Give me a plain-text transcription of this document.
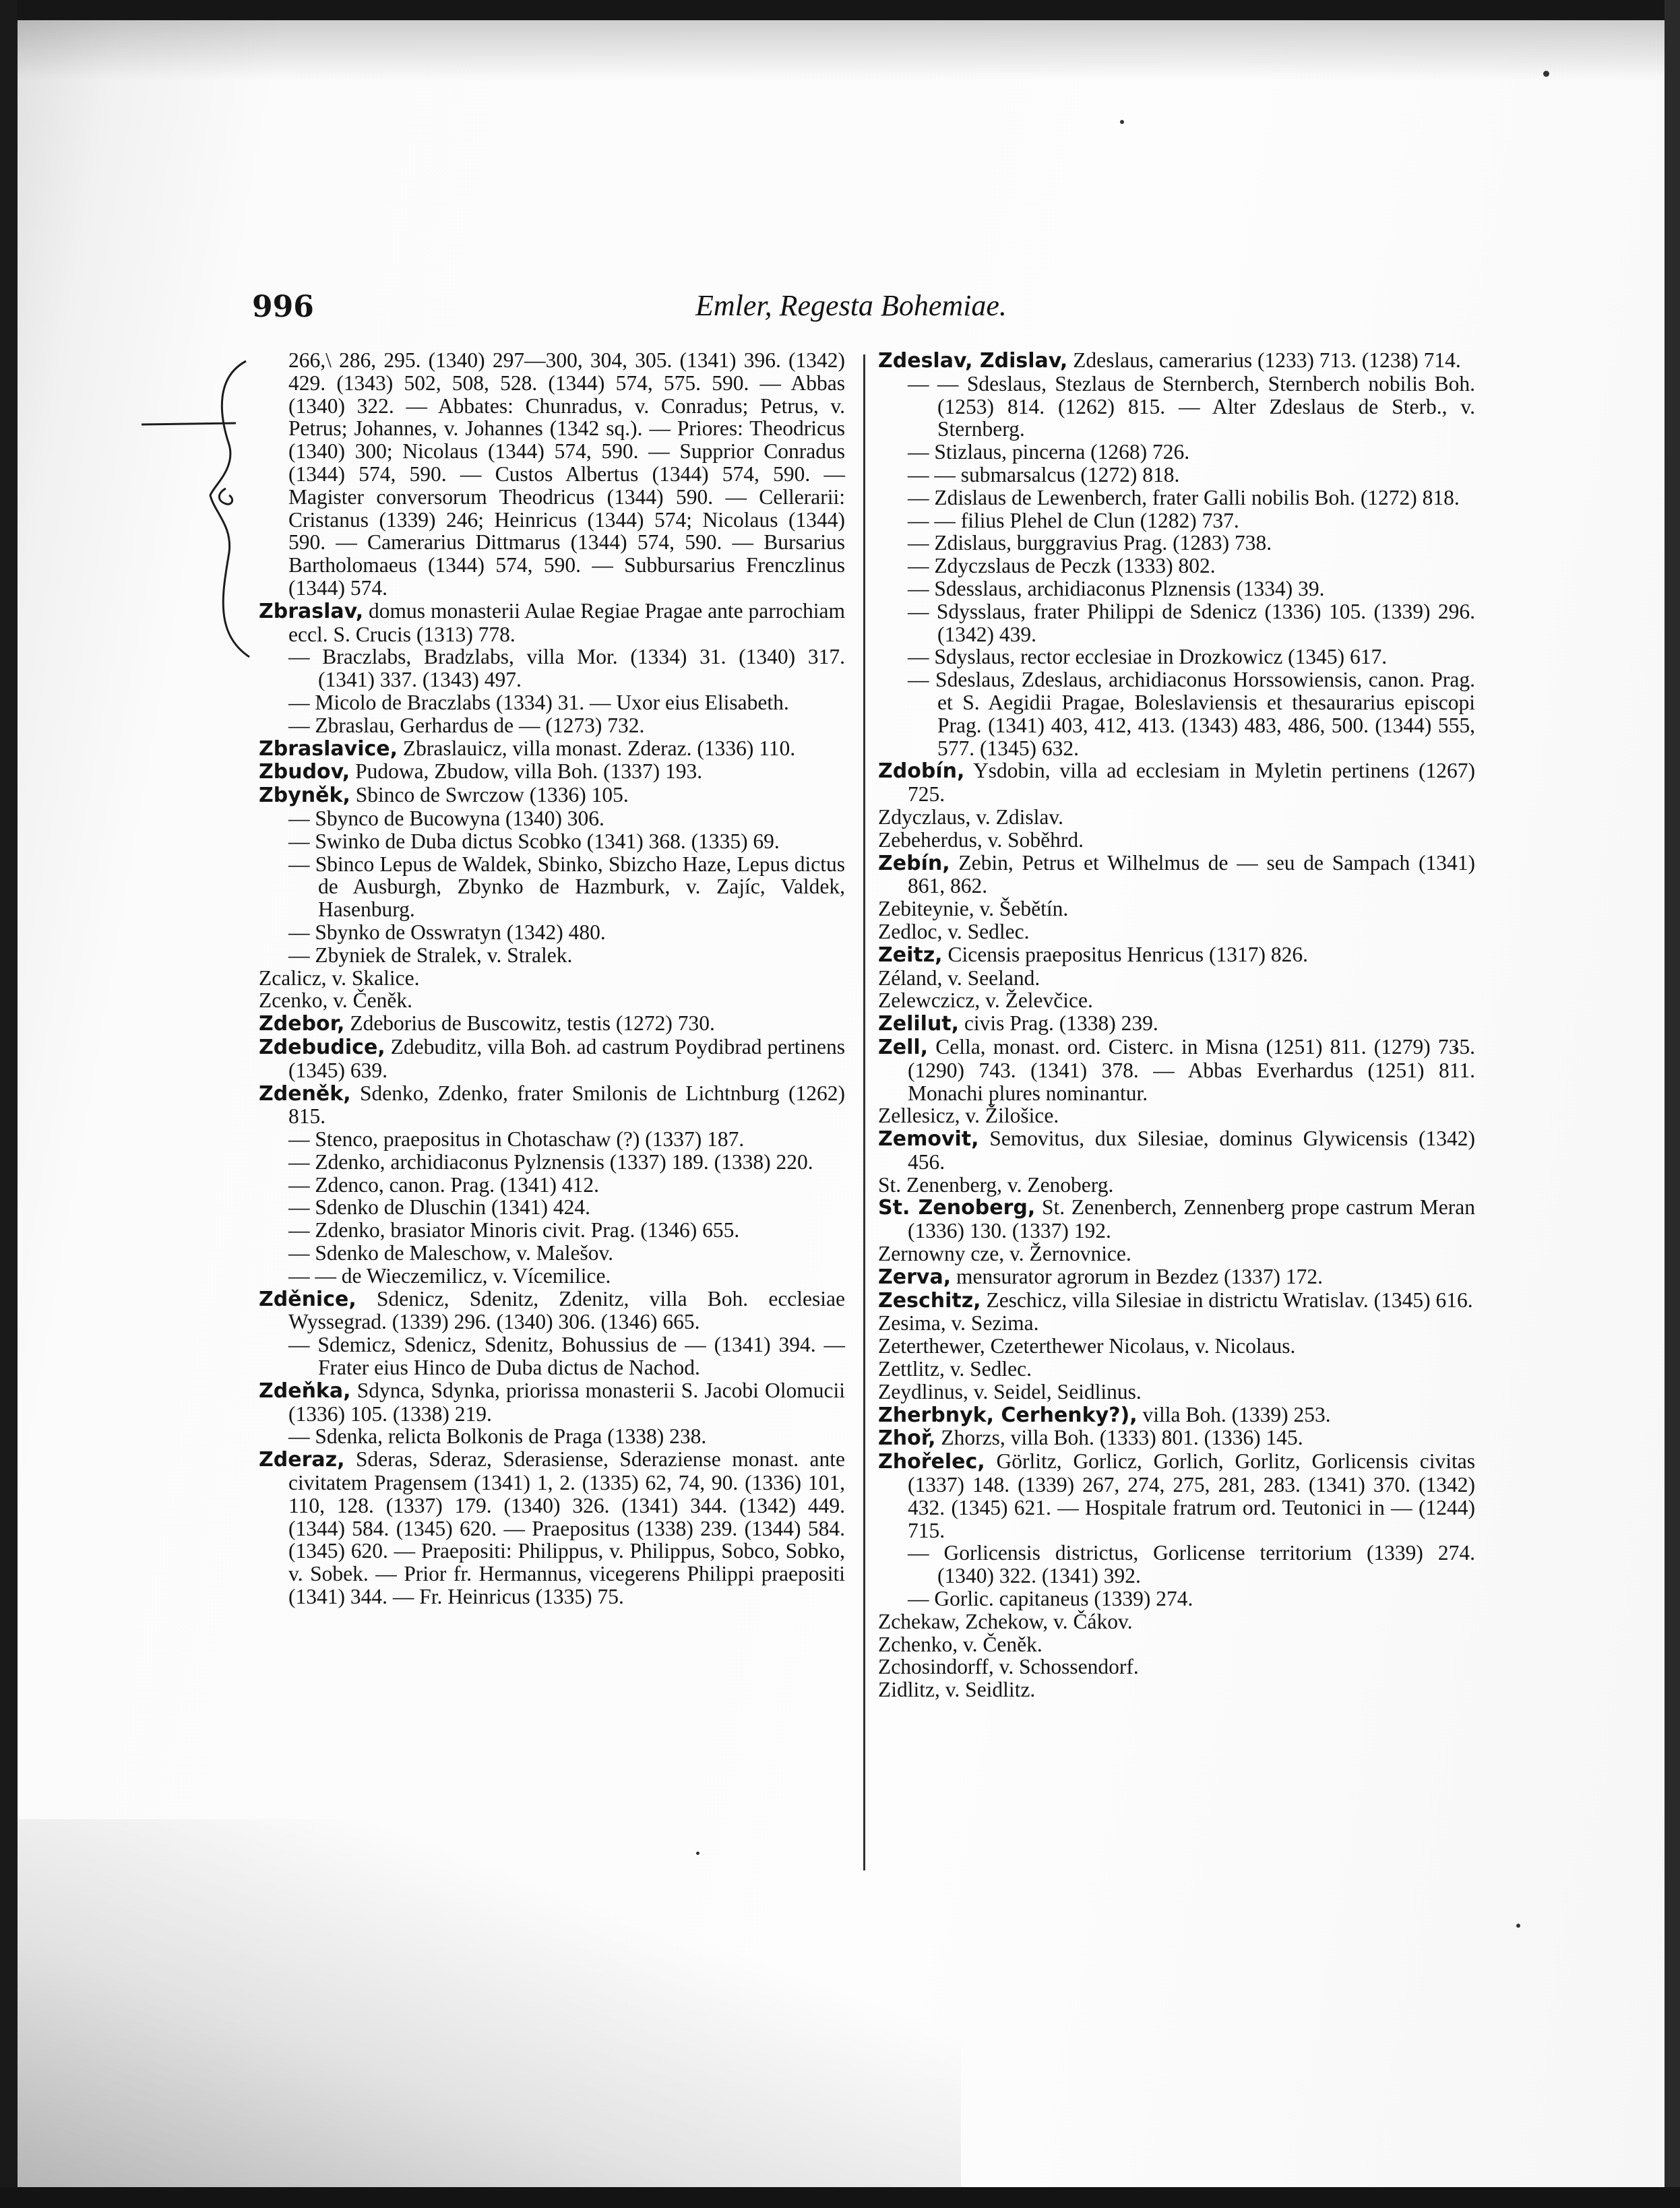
996	Emler, Regesta Bohemiae.

266,\ 286, 295. (1340) 297—300, 304, 305. (1341) 396. (1342) 429. (1343) 502, 508, 528. (1344) 574, 575. 590. — Abbas (1340) 322. — Abbates: Chunradus, v. Conradus; Petrus, v. Petrus; Johannes, v. Johannes (1342 sq.). — Priores: Theodricus (1340) 300; Nicolaus (1344) 574, 590. — Supprior Conradus (1344) 574, 590. — Custos Albertus (1344) 574, 590. — Magister conversorum Theodricus (1344) 590. — Cellerarii: Cristanus (1339) 246; Heinricus (1344) 574; Nicolaus (1344) 590. — Camerarius Dittmarus (1344) 574, 590. — Bursarius Bartholomaeus (1344) 574, 590. — Subbursarius Frenczlinus (1344) 574.

Zbraslav, domus monasterii Aulae Regiae Pragae ante parrochiam eccl. S. Crucis (1313) 778.

— Braczlabs, Bradzlabs, villa Mor. (1334) 31. (1340) 317. (1341) 337. (1343) 497.

— Micolo de Braczlabs (1334) 31. — Uxor eius Elisabeth.

— Zbraslau, Gerhardus de — (1273) 732.

Zbraslavice, Zbraslauicz, villa monast. Zderaz. (1336) 110.

Zbudov, Pudowa, Zbudow, villa Boh. (1337) 193.

Zbyněk, Sbinco de Swrczow (1336) 105.

— Sbynco de Bucowyna (1340) 306.

— Swinko de Duba dictus Scobko (1341) 368. (1335) 69.

— Sbinco Lepus de Waldek, Sbinko, Sbizcho Haze, Lepus dictus de Ausburgh, Zbynko de Hazmburk, v. Zajíc, Valdek, Hasenburg.

— Sbynko de Osswratyn (1342) 480.

— Zbyniek de Stralek, v. Stralek.

Zcalicz, v. Skalice.

Zcenko, v. Čeněk.

Zdebor, Zdeborius de Buscowitz, testis (1272) 730.

Zdebudice, Zdebuditz, villa Boh. ad castrum Poydibrad pertinens (1345) 639.

Zdeněk, Sdenko, Zdenko, frater Smilonis de Lichtnburg (1262) 815.

— Stenco, praepositus in Chotaschaw (?) (1337) 187.

— Zdenko, archidiaconus Pylznensis (1337) 189. (1338) 220.

— Zdenco, canon. Prag. (1341) 412.

— Sdenko de Dluschin (1341) 424.

— Zdenko, brasiator Minoris civit. Prag. (1346) 655.

— Sdenko de Maleschow, v. Malešov.

— — de Wieczemilicz, v. Vícemilice.

Zděnice, Sdenicz, Sdenitz, Zdenitz, villa Boh. ecclesiae Wyssegrad. (1339) 296. (1340) 306. (1346) 665.

— Sdemicz, Sdenicz, Sdenitz, Bohussius de — (1341) 394. — Frater eius Hinco de Duba dictus de Nachod.

Zdeňka, Sdynca, Sdynka, priorissa monasterii S. Jacobi Olomucii (1336) 105. (1338) 219.

— Sdenka, relicta Bolkonis de Praga (1338) 238.

Zderaz, Sderas, Sderaz, Sderasiense, Sderaziense monast. ante civitatem Pragensem (1341) 1, 2. (1335) 62, 74, 90. (1336) 101, 110, 128. (1337) 179. (1340) 326. (1341) 344. (1342) 449. (1344) 584. (1345) 620. — Praepositus (1338) 239. (1344) 584. (1345) 620. — Praepositi: Philippus, v. Philippus, Sobco, Sobko, v. Sobek. — Prior fr. Hermannus, vicegerens Philippi praepositi (1341) 344. — Fr. Heinricus (1335) 75.

Zdeslav, Zdislav, Zdeslaus, camerarius (1233) 713. (1238) 714.

— — Sdeslaus, Stezlaus de Sternberch, Sternberch nobilis Boh. (1253) 814. (1262) 815. — Alter Zdeslaus de Sterb., v. Sternberg.

— Stizlaus, pincerna (1268) 726.

— — submarsalcus (1272) 818.

— Zdislaus de Lewenberch, frater Galli nobilis Boh. (1272) 818.

— — filius Plehel de Clun (1282) 737.

— Zdislaus, burggravius Prag. (1283) 738.

— Zdyczslaus de Peczk (1333) 802.

— Sdesslaus, archidiaconus Plznensis (1334) 39.

— Sdysslaus, frater Philippi de Sdenicz (1336) 105. (1339) 296. (1342) 439.

— Sdyslaus, rector ecclesiae in Drozkowicz (1345) 617.

— Sdeslaus, Zdeslaus, archidiaconus Horssowiensis, canon. Prag. et S. Aegidii Pragae, Boleslaviensis et thesaurarius episcopi Prag. (1341) 403, 412, 413. (1343) 483, 486, 500. (1344) 555, 577. (1345) 632.

Zdobín, Ysdobin, villa ad ecclesiam in Myletin pertinens (1267) 725.

Zdyczlaus, v. Zdislav.

Zebeherdus, v. Soběhrd.

Zebín, Zebin, Petrus et Wilhelmus de — seu de Sampach (1341) 861, 862.

Zebiteynie, v. Šebětín.

Zedloc, v. Sedlec.

Zeitz, Cicensis praepositus Henricus (1317) 826.

Zéland, v. Seeland.

Zelewczicz, v. Želevčice.

Zelilut, civis Prag. (1338) 239.

Zell, Cella, monast. ord. Cisterc. in Misna (1251) 811. (1279) 735. (1290) 743. (1341) 378. — Abbas Everhardus (1251) 811. Monachi plures nominantur.

Zellesicz, v. Žilošice.

Zemovit, Semovitus, dux Silesiae, dominus Glywicensis (1342) 456.

St. Zenenberg, v. Zenoberg.

St. Zenoberg, St. Zenenberch, Zennenberg prope castrum Meran (1336) 130. (1337) 192.

Zernowny cze, v. Žernovnice.

Zerva, mensurator agrorum in Bezdez (1337) 172.

Zeschitz, Zeschicz, villa Silesiae in districtu Wratislav. (1345) 616.

Zesima, v. Sezima.

Zeterthewer, Czeterthewer Nicolaus, v. Nicolaus.

Zettlitz, v. Sedlec.

Zeydlinus, v. Seidel, Seidlinus.

Zherbnyk, Cerhenky?), villa Boh. (1339) 253.

Zhoř, Zhorzs, villa Boh. (1333) 801. (1336) 145.

Zhořelec, Görlitz, Gorlicz, Gorlich, Gorlitz, Gorlicensis civitas (1337) 148. (1339) 267, 274, 275, 281, 283. (1341) 370. (1342) 432. (1345) 621. — Hospitale fratrum ord. Teutonici in — (1244) 715.

— Gorlicensis districtus, Gorlicense territorium (1339) 274. (1340) 322. (1341) 392.

— Gorlic. capitaneus (1339) 274.

Zchekaw, Zchekow, v. Čákov.

Zchenko, v. Čeněk.

Zchosindorff, v. Schossendorf.

Zidlitz, v. Seidlitz.
